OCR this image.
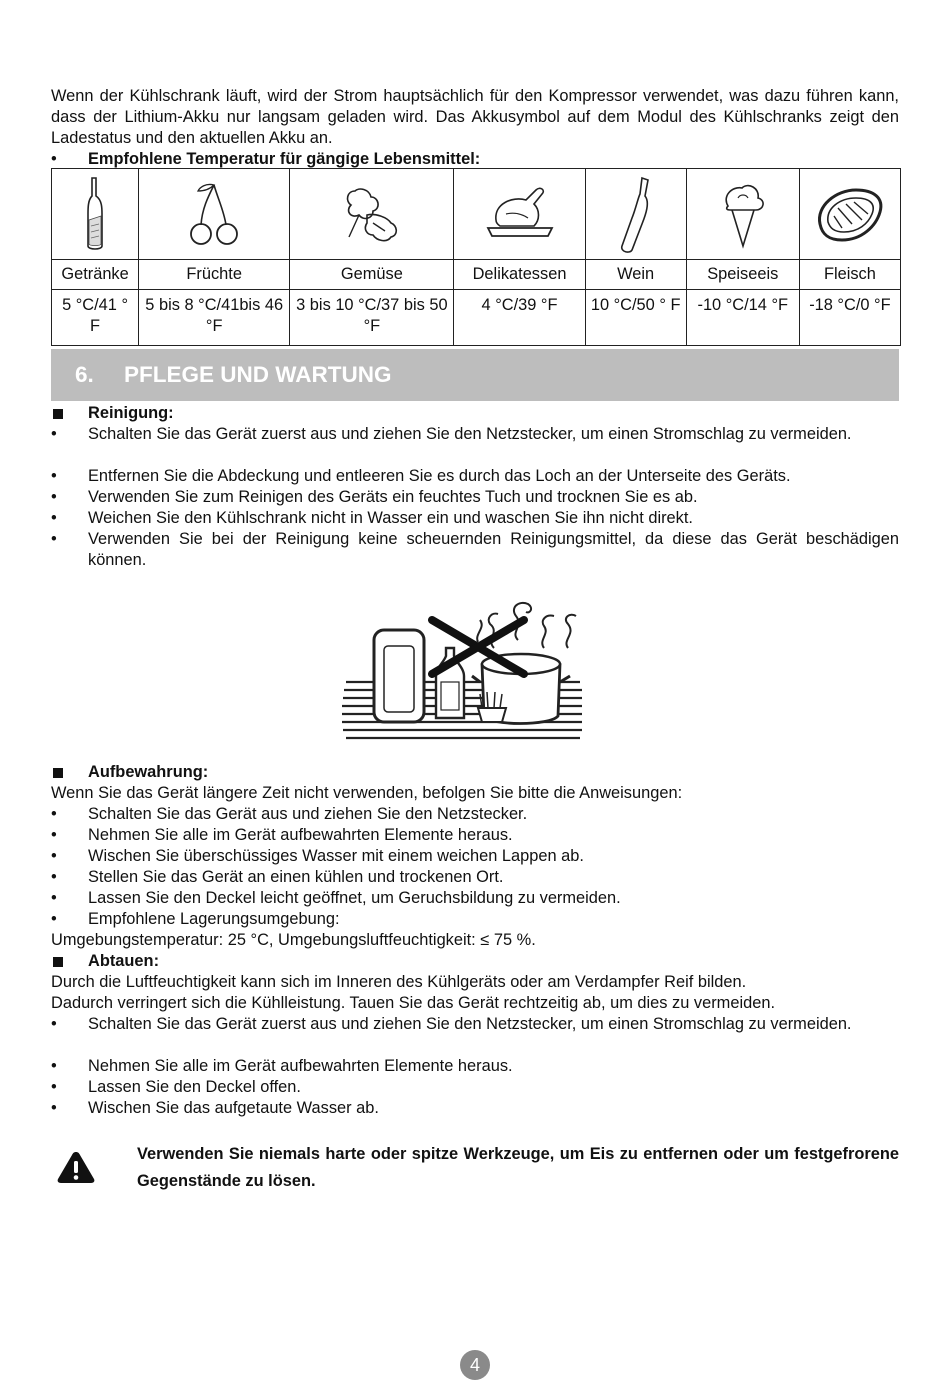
Wenn der Kühlschrank läuft, wird der Strom hauptsächlich für den Kompressor verwendet, was dazu führen kann, dass der Lithium-Akku nur langsam geladen wird. Das Akkusymbol auf dem Modul des Kühlschranks zeigt den Ladestatus und den aktuellen Akku an.

•	Empfohlene Temperatur für gängige Lebensmittel:

Getränke	Früchte	Gemüse	Delikatessen	Wein	Speiseeis	Fleisch
5 °C/41 ° F	5 bis 8 °C/41bis 46 °F	3 bis 10 °C/37 bis 50 °F	4 °C/39 °F	10 °C/50 ° F	-10 °C/14 °F	-18 °C/0 °F
6. PFLEGE UND WARTUNG
Reinigung:
•	Schalten Sie das Gerät zuerst aus und ziehen Sie den Netzstecker, um einen Stromschlag zu vermeiden.
•	Entfernen Sie die Abdeckung und entleeren Sie es durch das Loch an der Unterseite des Geräts.
•	Verwenden Sie zum Reinigen des Geräts ein feuchtes Tuch und trocknen Sie es ab.
•	Weichen Sie den Kühlschrank nicht in Wasser ein und waschen Sie ihn nicht direkt.
•	Verwenden Sie bei der Reinigung keine scheuernden Reinigungsmittel, da diese das Gerät beschädigen können.
Aufbewahrung:

Wenn Sie das Gerät längere Zeit nicht verwenden, befolgen Sie bitte die Anweisungen:

•	Schalten Sie das Gerät aus und ziehen Sie den Netzstecker.
•	Nehmen Sie alle im Gerät aufbewahrten Elemente heraus.
•	Wischen Sie überschüssiges Wasser mit einem weichen Lappen ab.
•	Stellen Sie das Gerät an einen kühlen und trockenen Ort.
•	Lassen Sie den Deckel leicht geöffnet, um Geruchsbildung zu vermeiden.
•	Empfohlene Lagerungsumgebung:

Umgebungstemperatur: 25 °C, Umgebungsluftfeuchtigkeit: ≤ 75 %.

Abtauen:

Durch die Luftfeuchtigkeit kann sich im Inneren des Kühlgeräts oder am Verdampfer Reif bilden.

Dadurch verringert sich die Kühlleistung. Tauen Sie das Gerät rechtzeitig ab, um dies zu vermeiden.

•	Schalten Sie das Gerät zuerst aus und ziehen Sie den Netzstecker, um einen Stromschlag zu vermeiden.
•	Nehmen Sie alle im Gerät aufbewahrten Elemente heraus.
•	Lassen Sie den Deckel offen.
•	Wischen Sie das aufgetaute Wasser ab.
Verwenden Sie niemals harte oder spitze Werkzeuge, um Eis zu entfernen oder um festgefrorene Gegenstände zu lösen.
4
